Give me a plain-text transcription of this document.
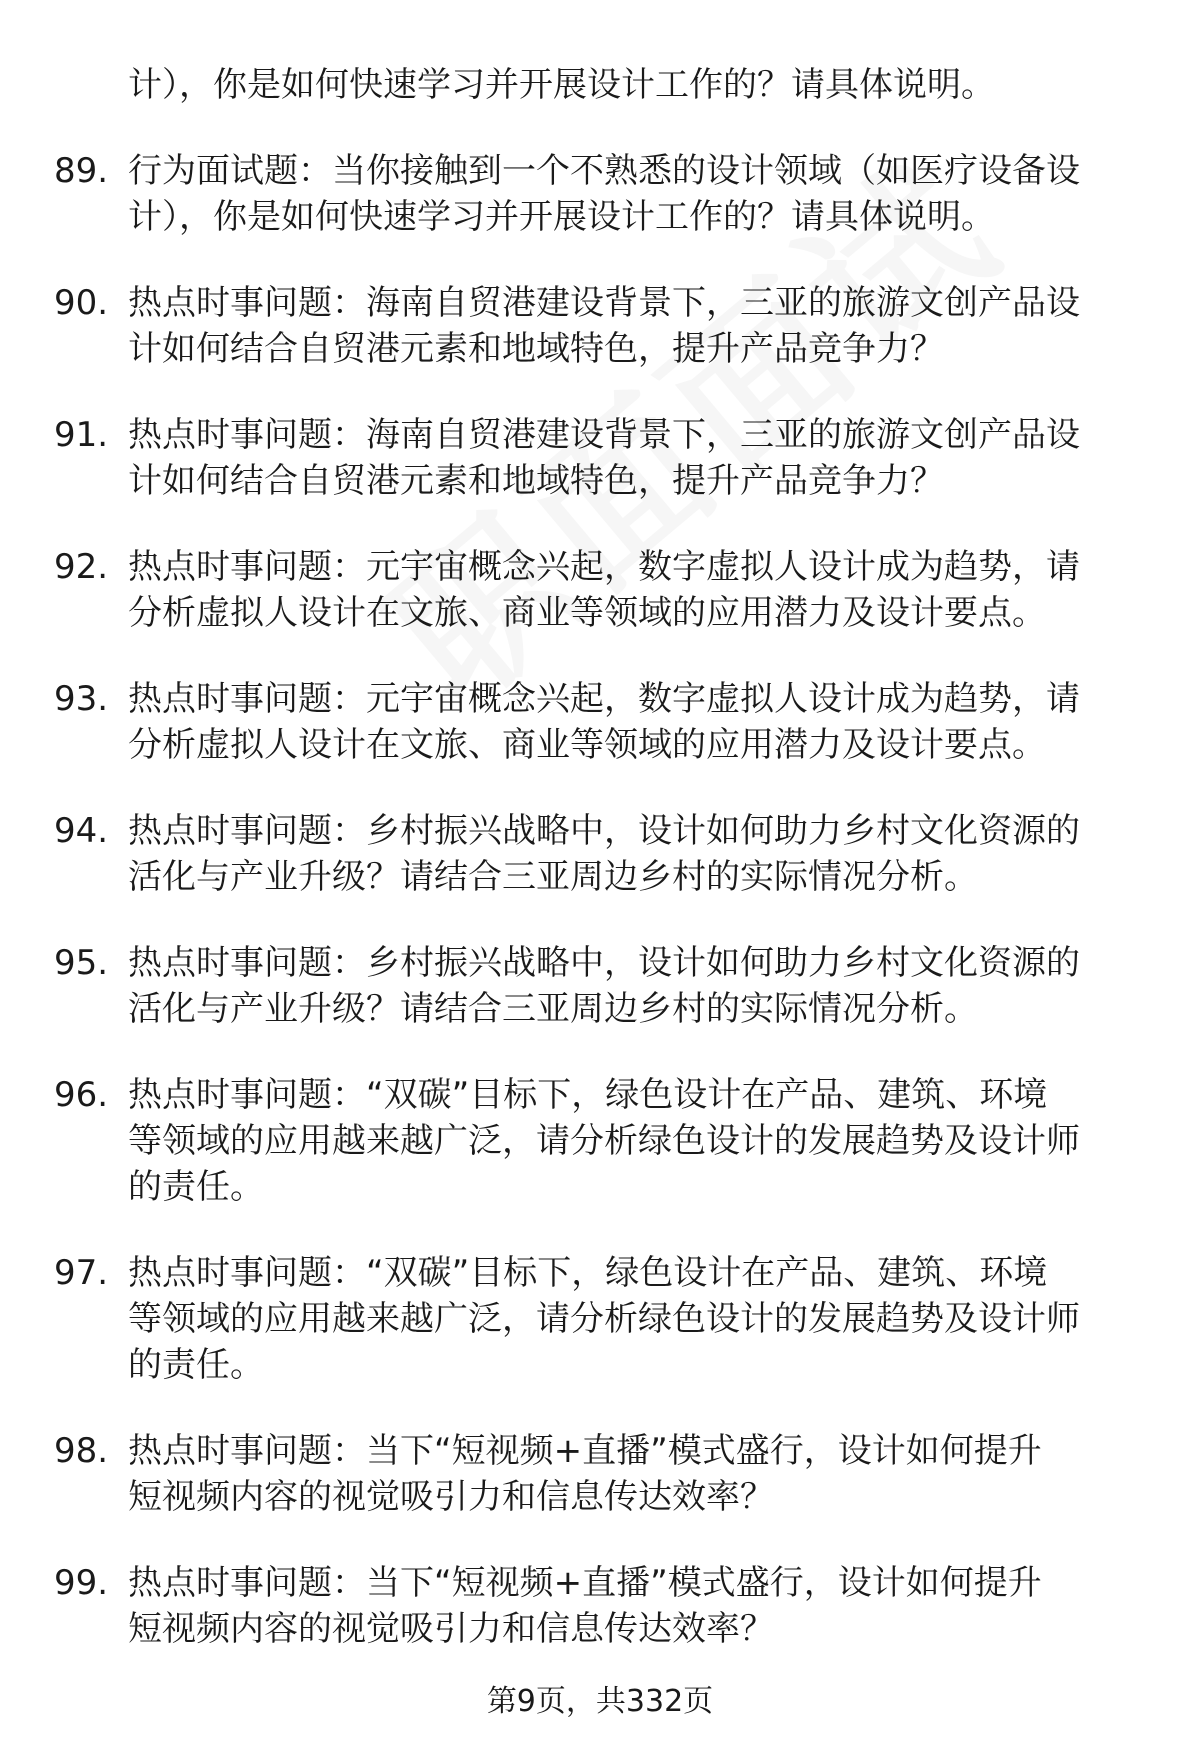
计），你是如何快速学习并开展设计工作的？请具体说明。
89. 行为面试题：当你接触到一个不熟悉的设计领域（如医疗设备设
计），你是如何快速学习并开展设计工作的？请具体说明。
90. 热点时事问题：海南自贸港建设背景下，三亚的旅游文创产品设
计如何结合自贸港元素和地域特色，提升产品竞争力？
91. 热点时事问题：海南自贸港建设背景下，三亚的旅游文创产品设
计如何结合自贸港元素和地域特色，提升产品竞争力？
92. 热点时事问题：元宇宙概念兴起，数字虚拟人设计成为趋势，请
分析虚拟人设计在文旅、商业等领域的应用潜力及设计要点。
93. 热点时事问题：元宇宙概念兴起，数字虚拟人设计成为趋势，请
分析虚拟人设计在文旅、商业等领域的应用潜力及设计要点。
94. 热点时事问题：乡村振兴战略中，设计如何助力乡村文化资源的
活化与产业升级？请结合三亚周边乡村的实际情况分析。
95. 热点时事问题：乡村振兴战略中，设计如何助力乡村文化资源的
活化与产业升级？请结合三亚周边乡村的实际情况分析。
96. 热点时事问题：“双碳”目标下，绿色设计在产品、建筑、环境
等领域的应用越来越广泛，请分析绿色设计的发展趋势及设计师
的责任。
97. 热点时事问题：“双碳”目标下，绿色设计在产品、建筑、环境
等领域的应用越来越广泛，请分析绿色设计的发展趋势及设计师
的责任。
98. 热点时事问题：当下“短视频+直播”模式盛行，设计如何提升
短视频内容的视觉吸引力和信息传达效率？
99. 热点时事问题：当下“短视频+直播”模式盛行，设计如何提升
短视频内容的视觉吸引力和信息传达效率？
第9页，共332页
